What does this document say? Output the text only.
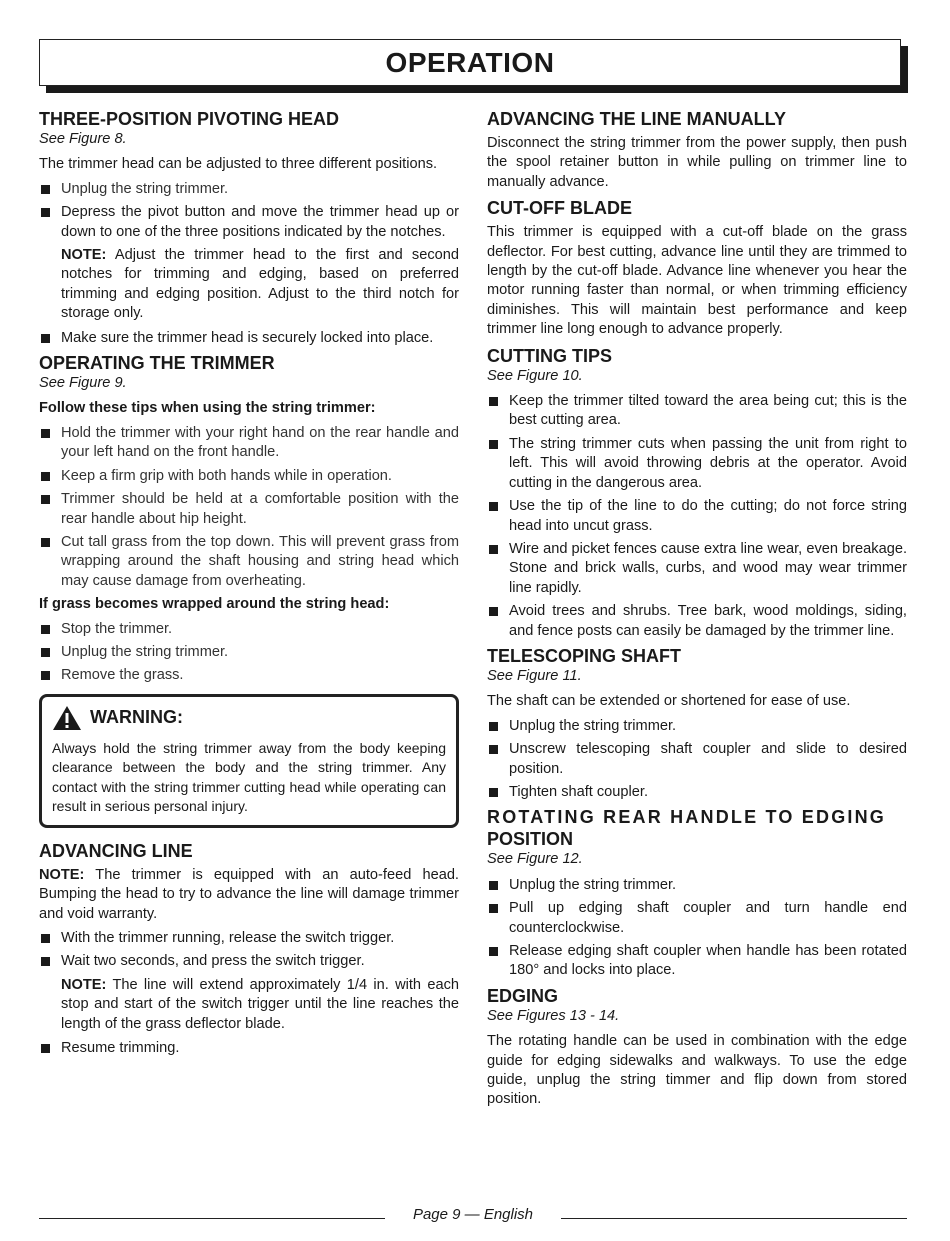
OPERATION
THREE-POSITION PIVOTING HEAD
See Figure 8.

The trimmer head can be adjusted to three different positions.

Unplug the string trimmer.
Depress the pivot button and move the trimmer head up or down to one of the three positions indicated by the notches.
NOTE: Adjust the trimmer head to the first and second notches for trimming and edging, based on preferred trimming and edging position. Adjust to the third notch for storage only.
Make sure the trimmer head is securely locked into place.
OPERATING THE TRIMMER
See Figure 9.
Follow these tips when using the string trimmer:
Hold the trimmer with your right hand on the rear handle and your left hand on the front handle.
Keep a firm grip with both hands while in operation.
Trimmer should be held at a comfortable position with the rear handle about hip height.
Cut tall grass from the top down. This will prevent grass from wrapping around the shaft housing and string head which may cause damage from overheating.
If grass becomes wrapped around the string head:
Stop the trimmer.
Unplug the string trimmer.
Remove the grass.
WARNING:
Always hold the string trimmer away from the body keeping clearance between the body and the string trimmer. Any contact with the string trimmer cutting head while operating can result in serious personal injury.
ADVANCING LINE

NOTE: The trimmer is equipped with an auto-feed head. Bumping the head to try to advance the line will damage trimmer and void warranty.

With the trimmer running, release the switch trigger.
Wait two seconds, and press the switch trigger.
NOTE: The line will extend approximately 1/4 in. with each stop and start of the switch trigger until the line reaches the length of the grass deflector blade.
Resume trimming.
ADVANCING THE LINE MANUALLY

Disconnect the string trimmer from the power supply, then push the spool retainer button in while pulling on trimmer line to manually advance.

CUT-OFF BLADE

This trimmer is equipped with a cut-off blade on the grass deflector. For best cutting, advance line until they are trimmed to length by the cut-off blade. Advance line whenever you hear the motor running faster than normal, or when trimming efficiency diminishes. This will maintain best performance and keep trimmer line long enough to advance properly.

CUTTING TIPS
See Figure 10.
Keep the trimmer tilted toward the area being cut; this is the best cutting area.
The string trimmer cuts when passing the unit from right to left. This will avoid throwing debris at the operator. Avoid cutting in the dangerous area.
Use the tip of the line to do the cutting; do not force string head into uncut grass.
Wire and picket fences cause extra line wear, even breakage. Stone and brick walls, curbs, and wood may wear trimmer line rapidly.
Avoid trees and shrubs. Tree bark, wood moldings, siding, and fence posts can easily be damaged by the trimmer line.
TELESCOPING SHAFT
See Figure 11.

The shaft can be extended or shortened for ease of use.

Unplug the string trimmer.
Unscrew telescoping shaft coupler and slide to desired position.
Tighten shaft coupler.
ROTATING REAR HANDLE TO EDGING
POSITION
See Figure 12.
Unplug the string trimmer.
Pull up edging shaft coupler and turn handle end counterclockwise.
Release edging shaft coupler when handle has been rotated 180° and locks into place.
EDGING
See Figures 13 - 14.

The rotating handle can be used in combination with the edge guide for edging sidewalks and walkways. To use the edge guide, unplug the string timmer and flip down from stored position.

Page 9 — English
